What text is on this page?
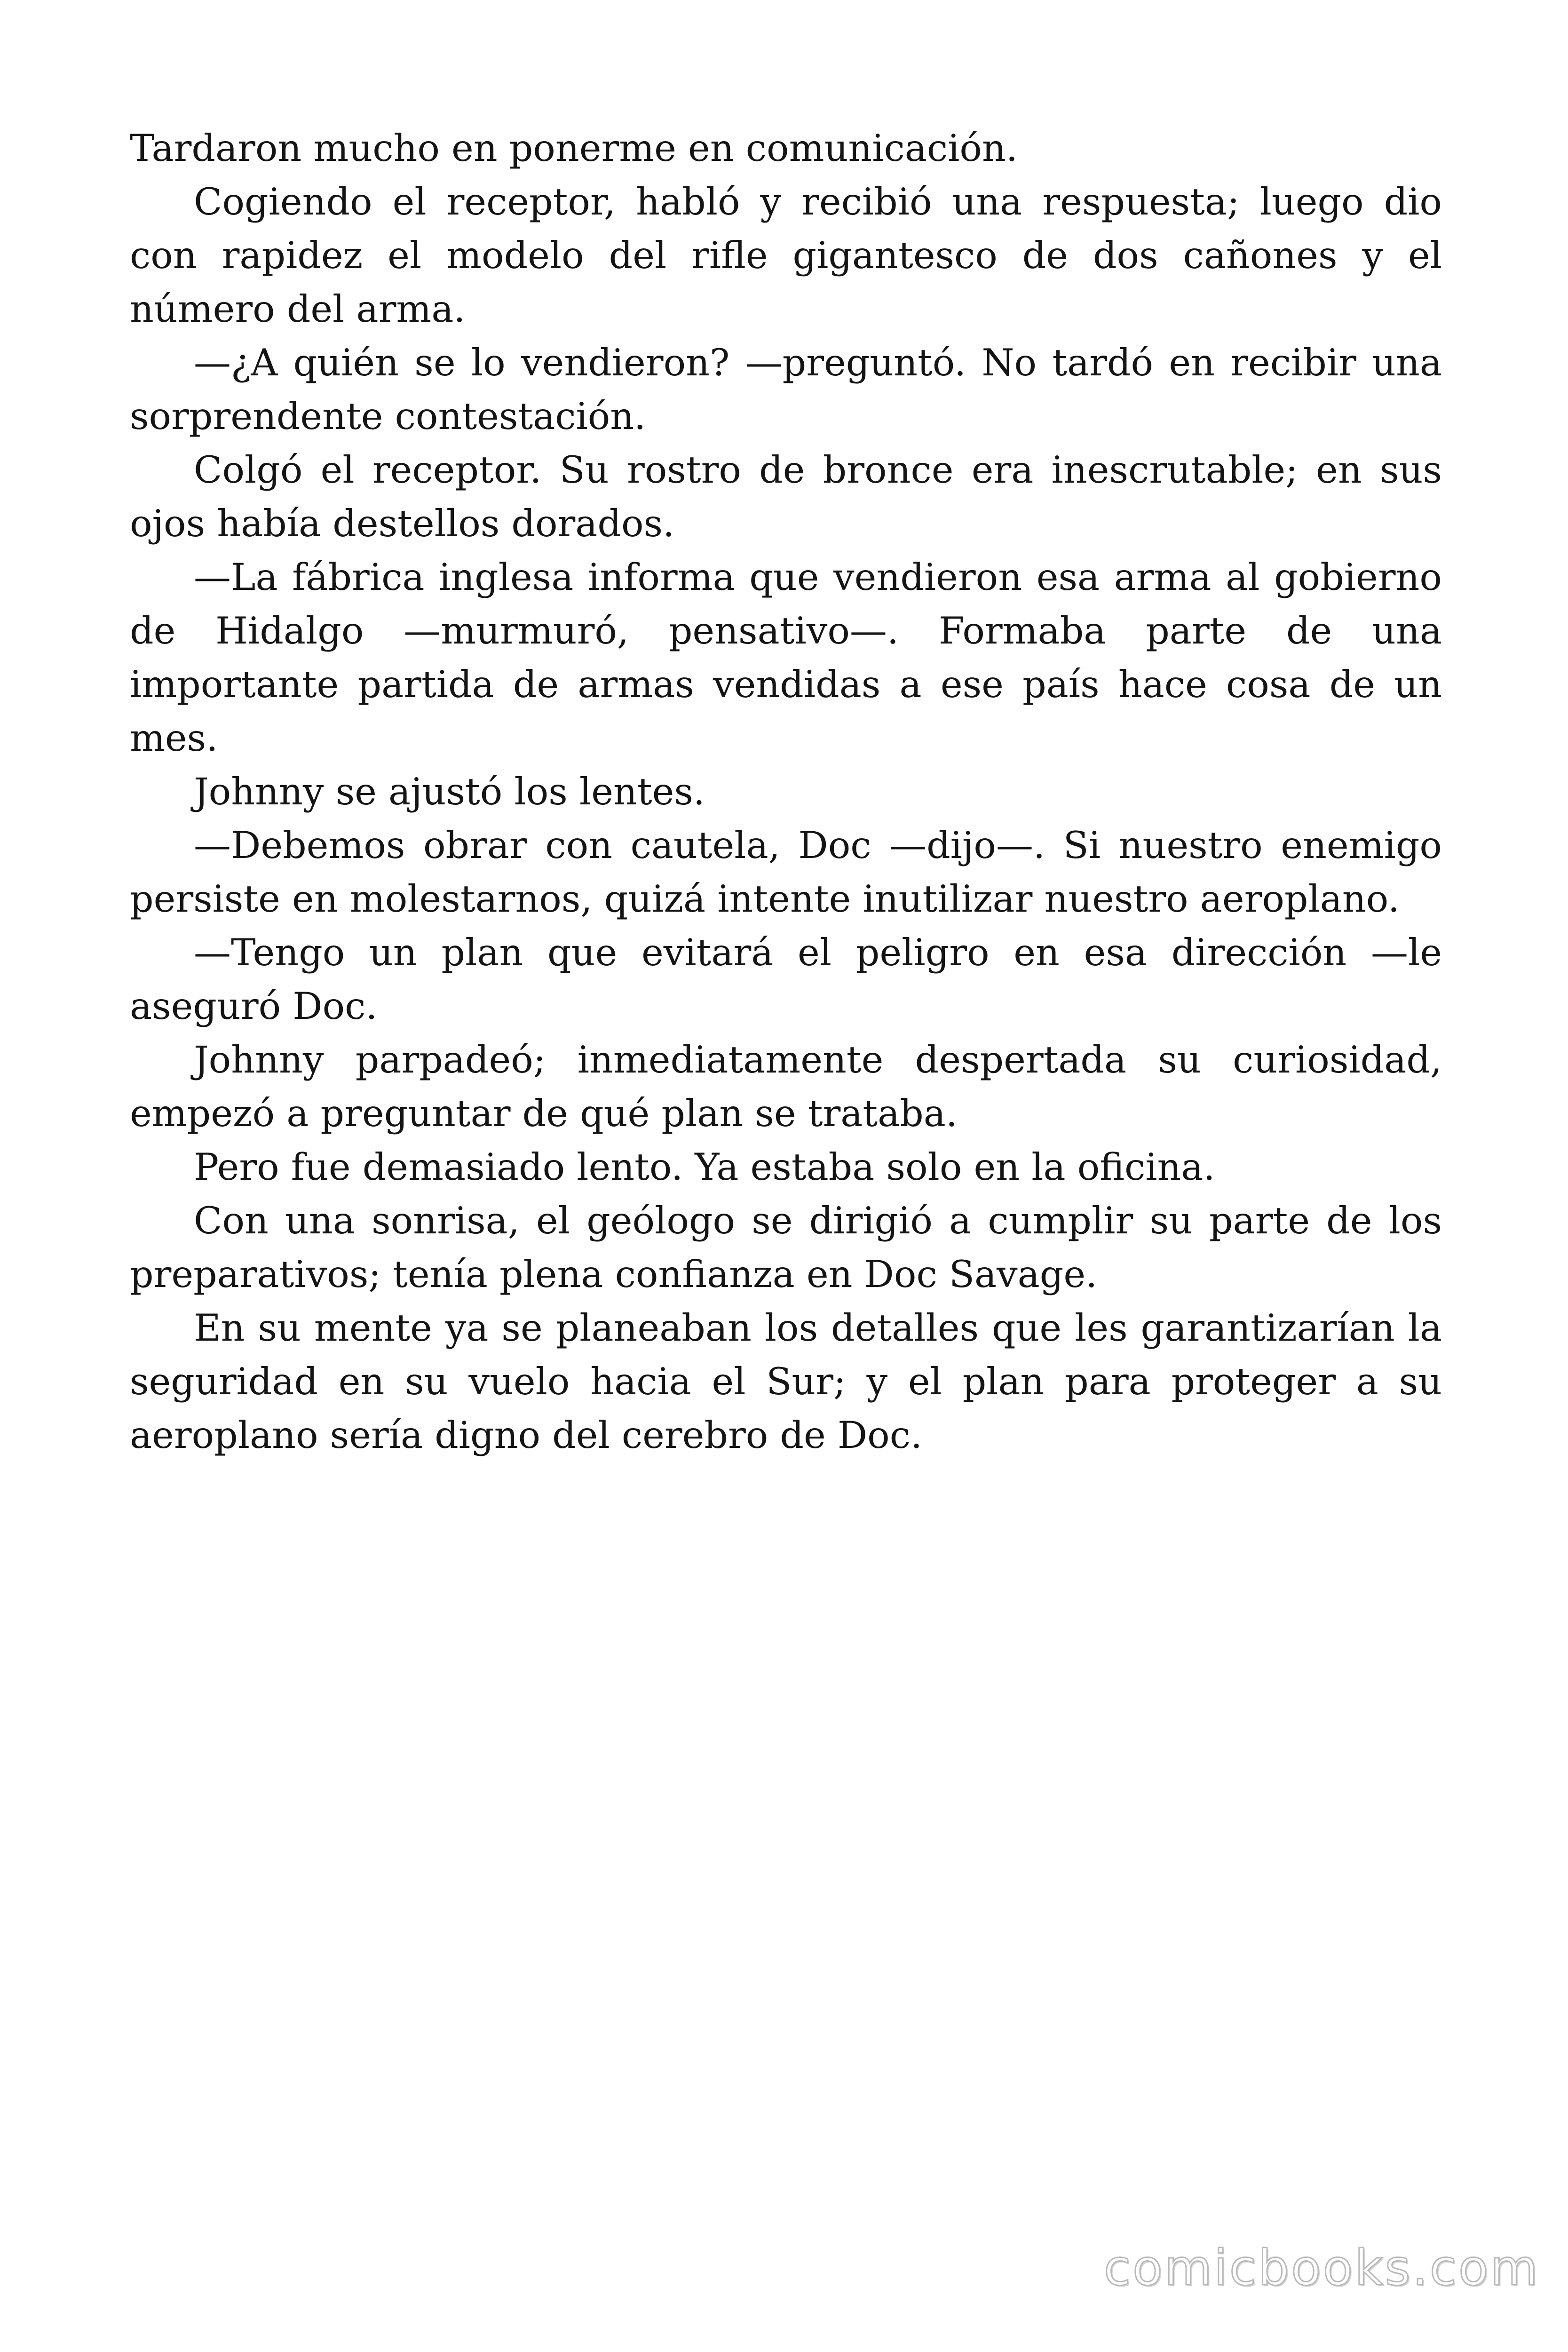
Tardaron mucho en ponerme en comunicación.

Cogiendo el receptor, habló y recibió una respuesta; luego dio con rapidez el modelo del rifle gigantesco de dos cañones y el número del arma.

—¿A quién se lo vendieron? —preguntó. No tardó en recibir una sorprendente contestación.

Colgó el receptor. Su rostro de bronce era inescrutable; en sus ojos había destellos dorados.

—La fábrica inglesa informa que vendieron esa arma al gobierno de Hidalgo —murmuró, pensativo—. Formaba parte de una importante partida de armas vendidas a ese país hace cosa de un mes.

Johnny se ajustó los lentes.

—Debemos obrar con cautela, Doc —dijo—. Si nuestro enemigo persiste en molestarnos, quizá intente inutilizar nuestro aeroplano.

—Tengo un plan que evitará el peligro en esa dirección —le aseguró Doc.

Johnny parpadeó; inmediatamente despertada su curiosidad, empezó a preguntar de qué plan se trataba.

Pero fue demasiado lento. Ya estaba solo en la oficina.

Con una sonrisa, el geólogo se dirigió a cumplir su parte de los preparativos; tenía plena confianza en Doc Savage.

En su mente ya se planeaban los detalles que les garantizarían la seguridad en su vuelo hacia el Sur; y el plan para proteger a su aeroplano sería digno del cerebro de Doc.

comicbooks.com
